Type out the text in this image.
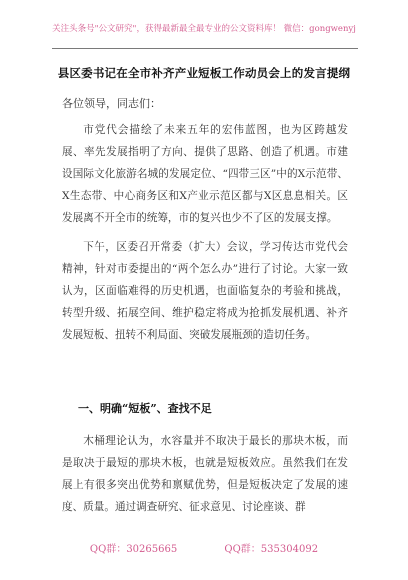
关注头条号"公文研究"，获得最新最全最专业的公文资料库！ 微信：gongwenyj
县区委书记在全市补齐产业短板工作动员会上的发言提纲
各位领导，同志们：
市党代会描绘了未来五年的宏伟蓝图，也为区跨越发展、率先发展指明了方向、提供了思路、创造了机遇。市建设国际文化旅游名城的发展定位、“四带三区”中的X示范带、X生态带、中心商务区和X产业示范区都与X区息息相关。区发展离不开全市的统筹，市的复兴也少不了区的发展支撑。
下午，区委召开常委（扩大）会议，学习传达市党代会精神，针对市委提出的“两个怎么办”进行了讨论。大家一致认为，区面临难得的历史机遇，也面临复杂的考验和挑战，转型升级、拓展空间、维护稳定将成为抢抓发展机遇、补齐发展短板、扭转不利局面、突破发展瓶颈的造切任务。
一、明确“短板”、查找不足
木桶理论认为，水容量并不取决于最长的那块木板，而是取决于最短的那块木板，也就是短板效应。虽然我们在发展上有很多突出优势和禀赋优势，但是短板决定了发展的速度、质量。通过调查研究、征求意见、讨论座谈、群
QQ群：30265665	QQ群：535304092
